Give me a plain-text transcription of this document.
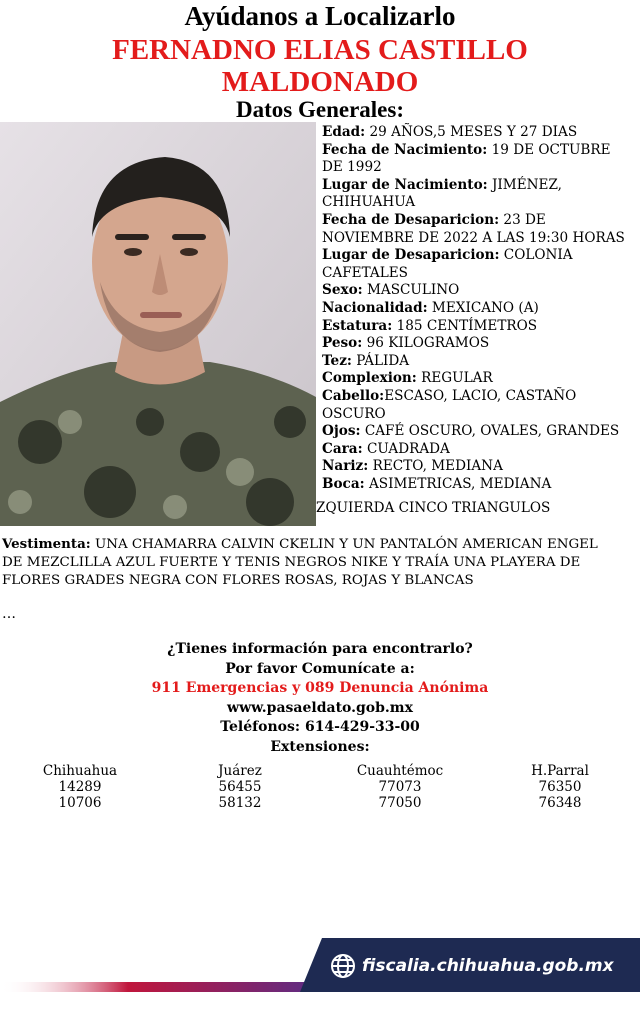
Ayúdanos a Localizarlo
FERNADNO ELIAS CASTILLO
MALDONADO
Datos Generales:
Edad: 29 AÑOS,5 MESES Y 27 DIAS
Fecha de Nacimiento: 19 DE OCTUBRE DE 1992
Lugar de Nacimiento: JIMÉNEZ, CHIHUAHUA
Fecha de Desaparicion: 23 DE NOVIEMBRE DE 2022 A LAS 19:30 HORAS
Lugar de Desaparicion: COLONIA CAFETALES
Sexo: MASCULINO
Nacionalidad: MEXICANO (A)
Estatura: 185 CENTÍMETROS
Peso: 96 KILOGRAMOS
Tez: PÁLIDA
Complexion: REGULAR
Cabello:ESCASO, LACIO, CASTAÑO OSCURO
Ojos: CAFÉ OSCURO, OVALES, GRANDES
Cara: CUADRADA
Nariz: RECTO, MEDIANA
Boca: ASIMETRICAS, MEDIANA
ZQUIERDA CINCO TRIANGULOS
Vestimenta: UNA CHAMARRA CALVIN CKELIN Y UN PANTALÓN AMERICAN ENGEL DE MEZCLILLA AZUL FUERTE Y TENIS NEGROS NIKE Y TRAÍA UNA PLAYERA DE FLORES GRADES NEGRA CON FLORES ROSAS, ROJAS Y BLANCAS
…
¿Tienes información para encontrarlo?
Por favor Comunícate a:
911 Emergencias y 089 Denuncia Anónima
www.pasaeldato.gob.mx
Teléfonos: 614-429-33-00
Extensiones:
Chihuahua	Juárez	Cuauhtémoc	H.Parral
14289	56455	77073	76350
10706	58132	77050	76348
fiscalia.chihuahua.gob.mx
